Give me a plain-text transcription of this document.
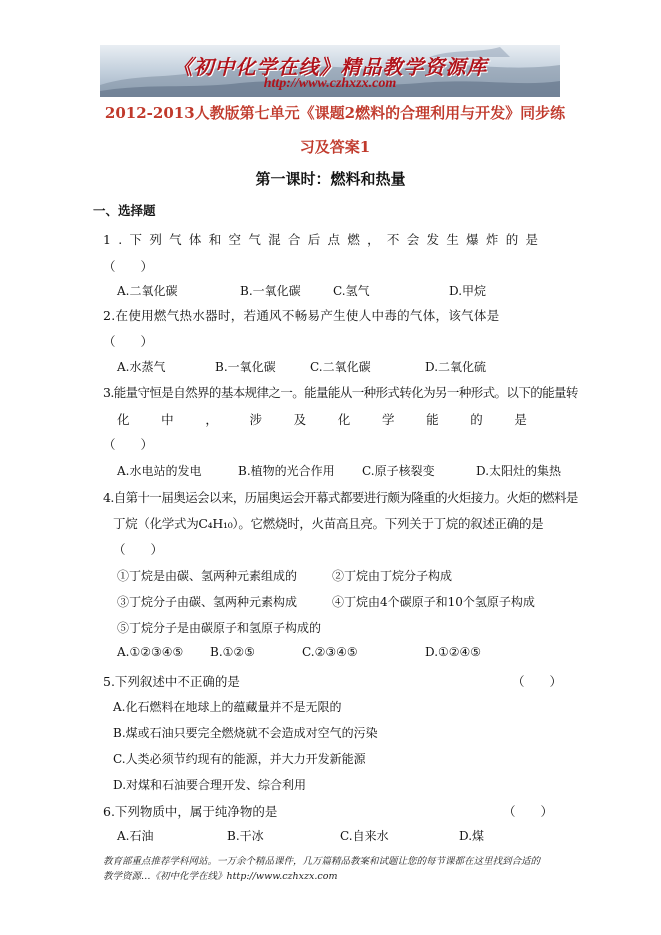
《初中化学在线》精品教学资源库
http://www.czhxzx.com
2012-2013人教版第七单元《课题2燃料的合理利用与开发》同步练
习及答案1
第一课时：燃料和热量
一、选择题
1.下列气体和空气混合后点燃，不会发生爆炸的是
（　　）
A.二氧化碳	B.一氧化碳	C.氢气	D.甲烷
2.在使用燃气热水器时，若通风不畅易产生使人中毒的气体，该气体是
（　　）
A.水蒸气	B.一氧化碳	C.二氧化碳	D.二氧化硫
3.能量守恒是自然界的基本规律之一。能量能从一种形式转化为另一种形式。以下的能量转
化	中	，	涉	及	化	学	能	的	是
（　　）
A.水电站的发电	B.植物的光合作用 C.原子核裂变	D.太阳灶的集热
4.自第十一届奥运会以来，历届奥运会开幕式都要进行颇为隆重的火炬接力。火炬的燃料是
丁烷（化学式为C₄H₁₀）。它燃烧时，火苗高且亮。下列关于丁烷的叙述正确的是
（　　）
①丁烷是由碳、氢两种元素组成的	②丁烷由丁烷分子构成
③丁烷分子由碳、氢两种元素构成	④丁烷由4个碳原子和10个氢原子构成
⑤丁烷分子是由碳原子和氢原子构成的
A.①②③④⑤ B.①②⑤	C.②③④⑤	D.①②④⑤
5.下列叙述中不正确的是	（　　）
A.化石燃料在地球上的蕴藏量并不是无限的
B.煤或石油只要完全燃烧就不会造成对空气的污染
C.人类必须节约现有的能源，并大力开发新能源
D.对煤和石油要合理开发、综合利用
6.下列物质中，属于纯净物的是	（　　）
A.石油	B.干冰	C.自来水	D.煤
教育部重点推荐学科网站。一万余个精品课件，几万篇精品教案和试题让您的每节课都在这里找到合适的
教学资源…《初中化学在线》http://www.czhxzx.com
